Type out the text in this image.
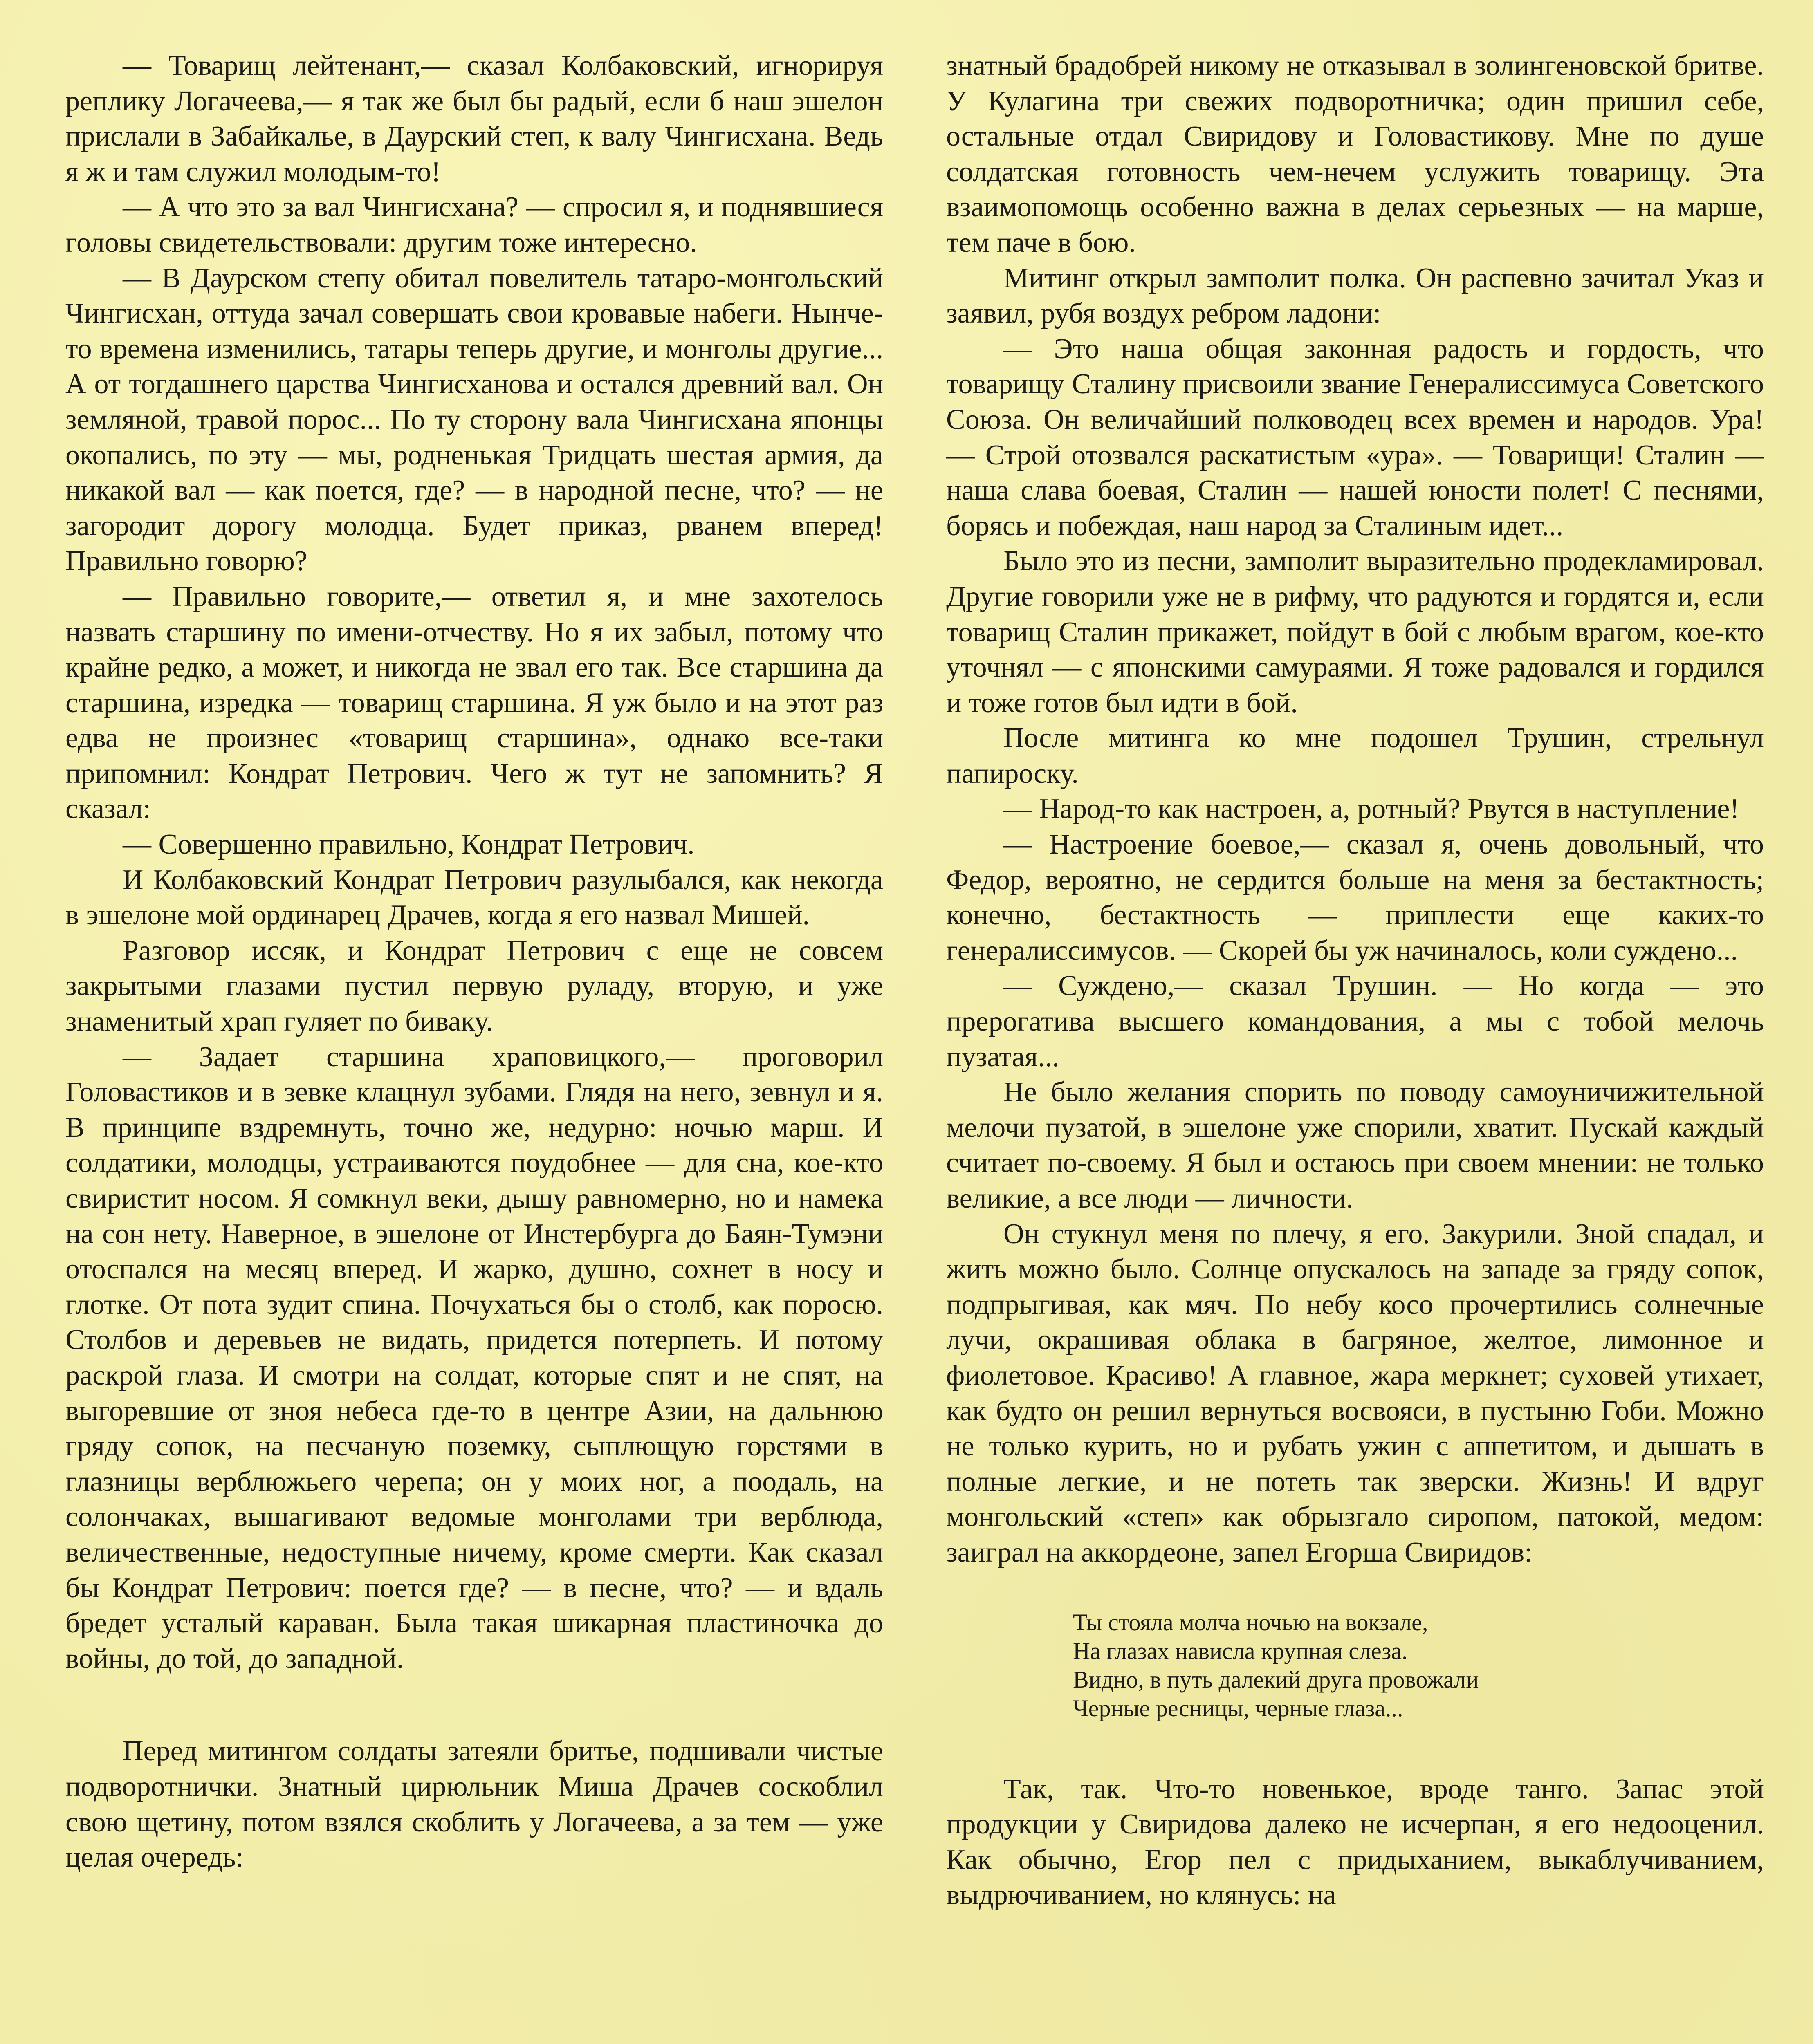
— Товарищ лейтенант,— сказал Колбаковский, игнорируя реплику Логачеева,— я так же был бы радый, если б наш эшелон прислали в Забайкалье, в Даурский степ, к валу Чингисхана. Ведь я ж и там служил молодым-то!

— А что это за вал Чингисхана? — спросил я, и поднявшиеся головы свидетельствовали: другим тоже интересно.

— В Даурском степу обитал повелитель татаро-монгольский Чингисхан, оттуда зачал совершать свои кровавые набеги. Нынче-то времена изменились, татары теперь другие, и монголы другие... А от тогдашнего царства Чингисханова и остался древний вал. Он земляной, травой порос... По ту сторону вала Чингисхана японцы окопались, по эту — мы, родненькая Тридцать шестая армия, да никакой вал — как поется, где? — в народной песне, что? — не загородит дорогу молодца. Будет приказ, рванем вперед! Правильно говорю?

— Правильно говорите,— ответил я, и мне захотелось назвать старшину по имени-отчеству. Но я их забыл, потому что крайне редко, а может, и никогда не звал его так. Все старшина да старшина, изредка — товарищ старшина. Я уж было и на этот раз едва не произнес «товарищ старшина», однако все-таки припомнил: Кондрат Петрович. Чего ж тут не запомнить? Я сказал:

— Совершенно правильно, Кондрат Петрович.

И Колбаковский Кондрат Петрович разулыбался, как некогда в эшелоне мой ординарец Драчев, когда я его назвал Мишей.

Разговор иссяк, и Кондрат Петрович с еще не совсем закрытыми глазами пустил первую руладу, вторую, и уже знаменитый храп гуляет по биваку.

— Задает старшина храповицкого,— проговорил Головастиков и в зевке клацнул зубами. Глядя на него, зевнул и я. В принципе вздремнуть, точно же, недурно: ночью марш. И солдатики, молодцы, устраиваются поудобнее — для сна, кое-кто свиристит носом. Я сомкнул веки, дышу равномерно, но и намека на сон нету. Наверное, в эшелоне от Инстербурга до Баян-Тумэни отоспался на месяц вперед. И жарко, душно, сохнет в носу и глотке. От пота зудит спина. Почухаться бы о столб, как поросю. Столбов и деревьев не видать, придется потерпеть. И потому раскрой глаза. И смотри на солдат, которые спят и не спят, на выгоревшие от зноя небеса где-то в центре Азии, на дальнюю гряду сопок, на песчаную поземку, сыплющую горстями в глазницы верблюжьего черепа; он у моих ног, а поодаль, на солончаках, вышагивают ведомые монголами три верблюда, величественные, недоступные ничему, кроме смерти. Как сказал бы Кондрат Петрович: поется где? — в песне, что? — и вдаль бредет усталый караван. Была такая шикарная пластиночка до войны, до той, до западной.

Перед митингом солдаты затеяли бритье, подшивали чистые подворотнички. Знатный цирюльник Миша Драчев соскоблил свою щетину, потом взялся скоблить у Логачеева, а за тем — уже целая очередь:

знатный брадобрей никому не отказывал в золингеновской бритве. У Кулагина три свежих подворотничка; один пришил себе, остальные отдал Свиридову и Головастикову. Мне по душе солдатская готовность чем-нечем услужить товарищу. Эта взаимопомощь особенно важна в делах серьезных — на марше, тем паче в бою.

Митинг открыл замполит полка. Он распевно зачитал Указ и заявил, рубя воздух ребром ладони:

— Это наша общая законная радость и гордость, что товарищу Сталину присвоили звание Генералиссимуса Советского Союза. Он величайший полководец всех времен и народов. Ура! — Строй отозвался раскатистым «ура». — Товарищи! Сталин — наша слава боевая, Сталин — нашей юности полет! С песнями, борясь и побеждая, наш народ за Сталиным идет...

Было это из песни, замполит выразительно продекламировал. Другие говорили уже не в рифму, что радуются и гордятся и, если товарищ Сталин прикажет, пойдут в бой с любым врагом, кое-кто уточнял — с японскими самураями. Я тоже радовался и гордился и тоже готов был идти в бой.

После митинга ко мне подошел Трушин, стрельнул папироску.

— Народ-то как настроен, а, ротный? Рвутся в наступление!

— Настроение боевое,— сказал я, очень довольный, что Федор, вероятно, не сердится больше на меня за бестактность; конечно, бестактность — приплести еще каких-то генералиссимусов. — Скорей бы уж начиналось, коли суждено...

— Суждено,— сказал Трушин. — Но когда — это прерогатива высшего командования, а мы с тобой мелочь пузатая...

Не было желания спорить по поводу самоуничижительной мелочи пузатой, в эшелоне уже спорили, хватит. Пускай каждый считает по-своему. Я был и остаюсь при своем мнении: не только великие, а все люди — личности.

Он стукнул меня по плечу, я его. Закурили. Зной спадал, и жить можно было. Солнце опускалось на западе за гряду сопок, подпрыгивая, как мяч. По небу косо прочертились солнечные лучи, окрашивая облака в багряное, желтое, лимонное и фиолетовое. Красиво! А главное, жара меркнет; суховей утихает, как будто он решил вернуться восвояси, в пустыню Гоби. Можно не только курить, но и рубать ужин с аппетитом, и дышать в полные легкие, и не потеть так зверски. Жизнь! И вдруг монгольский «степ» как обрызгало сиропом, патокой, медом: заиграл на аккордеоне, запел Егорша Свиридов:

Ты стояла молча ночью на вокзале,
На глазах нависла крупная слеза.
Видно, в путь далекий друга провожали
Черные ресницы, черные глаза...

Так, так. Что-то новенькое, вроде танго. Запас этой продукции у Свиридова далеко не исчерпан, я его недооценил. Как обычно, Егор пел с придыханием, выкаблучиванием, выдрючиванием, но клянусь: на
